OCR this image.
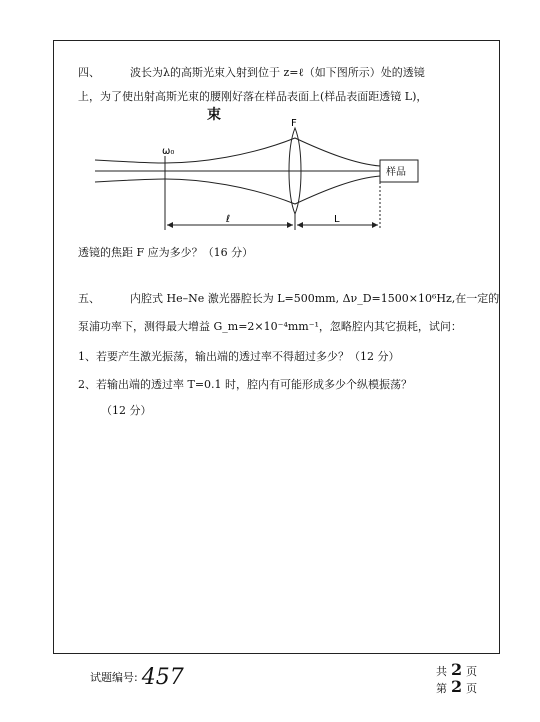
四、	波长为λ的高斯光束入射到位于 z=ℓ（如下图所示）处的透镜
上，为了使出射高斯光束的腰刚好落在样品表面上(样品表面距透镜 L)，
束
ω₀
F
样品
ℓ	L
透镜的焦距 F 应为多少？（16 分）
五、	内腔式 He–Ne 激光器腔长为 L=500mm, Δν_D=1500×10⁶Hz,在一定的
泵浦功率下，测得最大增益 G_m=2×10⁻⁴mm⁻¹，忽略腔内其它损耗，试问：
1、若要产生激光振荡，输出端的透过率不得超过多少？（12 分）
2、若输出端的透过率 T=0.1 时，腔内有可能形成多少个纵模振荡？
（12 分）
试题编号: 457	共 2 页
第 2 页
